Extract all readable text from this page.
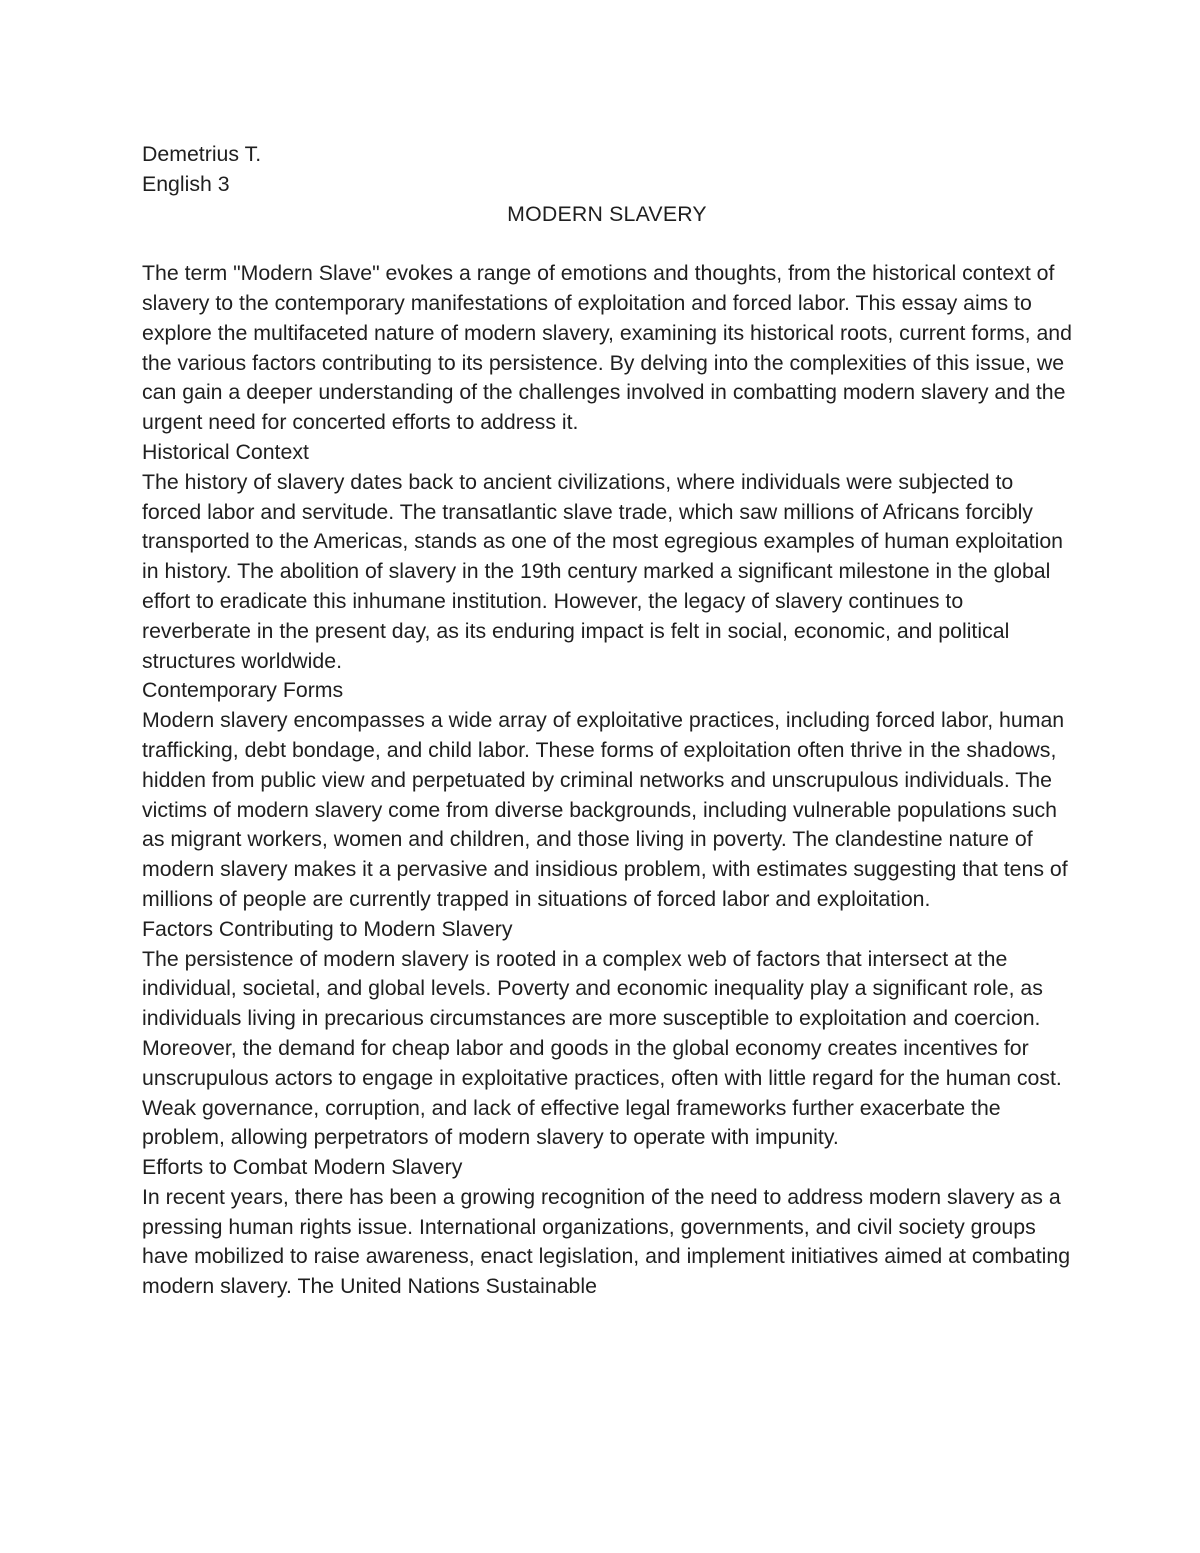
Demetrius T.

English 3

MODERN SLAVERY

The term "Modern Slave" evokes a range of emotions and thoughts, from the historical context of slavery to the contemporary manifestations of exploitation and forced labor. This essay aims to explore the multifaceted nature of modern slavery, examining its historical roots, current forms, and the various factors contributing to its persistence. By delving into the complexities of this issue, we can gain a deeper understanding of the challenges involved in combatting modern slavery and the urgent need for concerted efforts to address it.

Historical Context

The history of slavery dates back to ancient civilizations, where individuals were subjected to forced labor and servitude. The transatlantic slave trade, which saw millions of Africans forcibly transported to the Americas, stands as one of the most egregious examples of human exploitation in history. The abolition of slavery in the 19th century marked a significant milestone in the global effort to eradicate this inhumane institution. However, the legacy of slavery continues to reverberate in the present day, as its enduring impact is felt in social, economic, and political structures worldwide.

Contemporary Forms

Modern slavery encompasses a wide array of exploitative practices, including forced labor, human trafficking, debt bondage, and child labor. These forms of exploitation often thrive in the shadows, hidden from public view and perpetuated by criminal networks and unscrupulous individuals. The victims of modern slavery come from diverse backgrounds, including vulnerable populations such as migrant workers, women and children, and those living in poverty. The clandestine nature of modern slavery makes it a pervasive and insidious problem, with estimates suggesting that tens of millions of people are currently trapped in situations of forced labor and exploitation.

Factors Contributing to Modern Slavery

The persistence of modern slavery is rooted in a complex web of factors that intersect at the individual, societal, and global levels. Poverty and economic inequality play a significant role, as individuals living in precarious circumstances are more susceptible to exploitation and coercion. Moreover, the demand for cheap labor and goods in the global economy creates incentives for unscrupulous actors to engage in exploitative practices, often with little regard for the human cost. Weak governance, corruption, and lack of effective legal frameworks further exacerbate the problem, allowing perpetrators of modern slavery to operate with impunity.

Efforts to Combat Modern Slavery

In recent years, there has been a growing recognition of the need to address modern slavery as a pressing human rights issue. International organizations, governments, and civil society groups have mobilized to raise awareness, enact legislation, and implement initiatives aimed at combating modern slavery. The United Nations Sustainable
